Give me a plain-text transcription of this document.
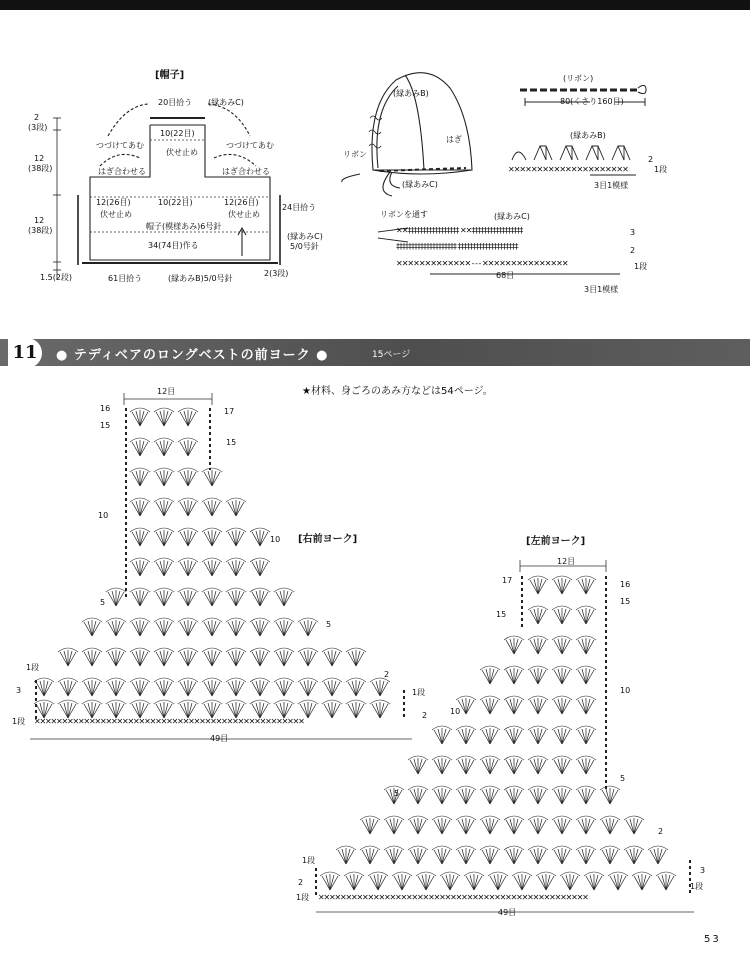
[帽子]
20目拾う (縁あみC)
つづけてあむ	つづけてあむ
10(22目)
伏せ止め
はぎ合わせる	はぎ合わせる
12(26目)	10(22目)	12(26目)
伏せ止め	伏せ止め
24目拾う
帽子(模様あみ)6号針
34(74目)作る
(縁あみC)
5/0号針
61目拾う	(縁あみB)5/0号針
2(3段)
2
(3段)
12
(38段)
12
(38段)
1.5(2段)
(縁あみB)
はぎ
リボン
(縁あみC)
(リボン)
80(くさり160目)
(縁あみB)
✕✕✕✕✕✕✕✕✕✕✕✕✕✕✕✕✕✕✕✕✕
2
1段
3目1模様
リボンを通す	(縁あみC)
✕✕‡‡‡‡‡‡‡‡‡‡‡‡‡‡‡‡‡ ✕✕‡‡‡‡‡‡‡‡‡‡‡‡‡‡‡‡‡
‡‡‡‡‡‡‡‡‡‡‡‡‡‡‡‡‡‡‡‡ ‡‡‡‡‡‡‡‡‡‡‡‡‡‡‡‡‡‡‡‡
✕✕✕✕✕✕✕✕✕✕✕✕✕ - - - ✕✕✕✕✕✕✕✕✕✕✕✕✕✕✕
3
2
1段
68目
3目1模様
11	● テディベアのロングベストの前ヨーク ●	15ページ
★材料、身ごろのあみ方などは54ページ。
[右前ヨーク]
12目
49目
✕✕✕✕✕✕✕✕✕✕✕✕✕✕✕✕✕✕✕✕✕✕✕✕✕✕✕✕✕✕✕✕✕✕✕✕✕✕✕✕✕✕✕✕✕✕✕✕✕
16	17
15
15
10
10
5
5
1段
3
2
1段
2
1段
[左前ヨーク]
12目
49目
✕✕✕✕✕✕✕✕✕✕✕✕✕✕✕✕✕✕✕✕✕✕✕✕✕✕✕✕✕✕✕✕✕✕✕✕✕✕✕✕✕✕✕✕✕✕✕✕✕
17	16
15
15
10
10
5
5
2
1段
3
2	1段
1段
53
